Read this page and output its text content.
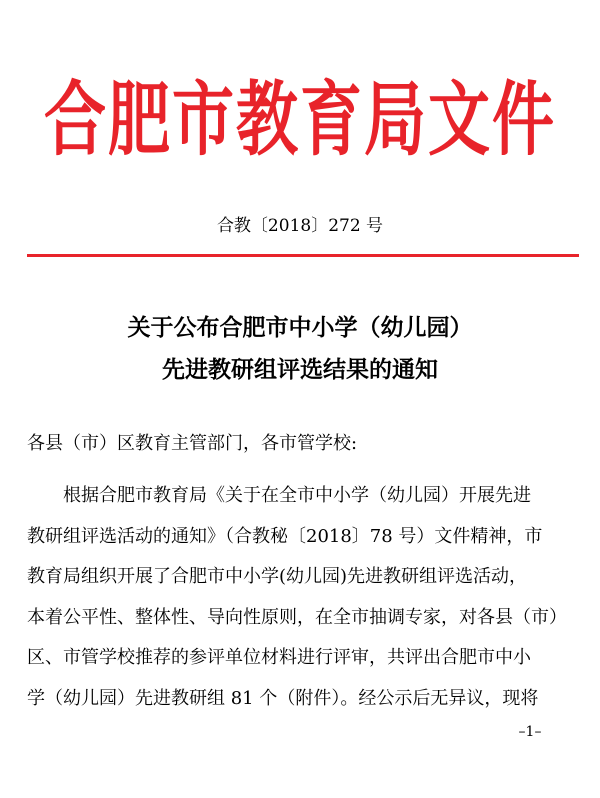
合肥市教育局文件
合教〔2018〕272 号
关于公布合肥市中小学（幼儿园）
先进教研组评选结果的通知
各县（市）区教育主管部门，各市管学校:
　　根据合肥市教育局《关于在全市中小学（幼儿园）开展先进
教研组评选活动的通知》（合教秘〔2018〕78 号）文件精神，市
教育局组织开展了合肥市中小学(幼儿园)先进教研组评选活动，
本着公平性、整体性、导向性原则，在全市抽调专家，对各县（市）
区、市管学校推荐的参评单位材料进行评审，共评出合肥市中小
学（幼儿园）先进教研组 81 个（附件）。经公示后无异议，现将
–1–
